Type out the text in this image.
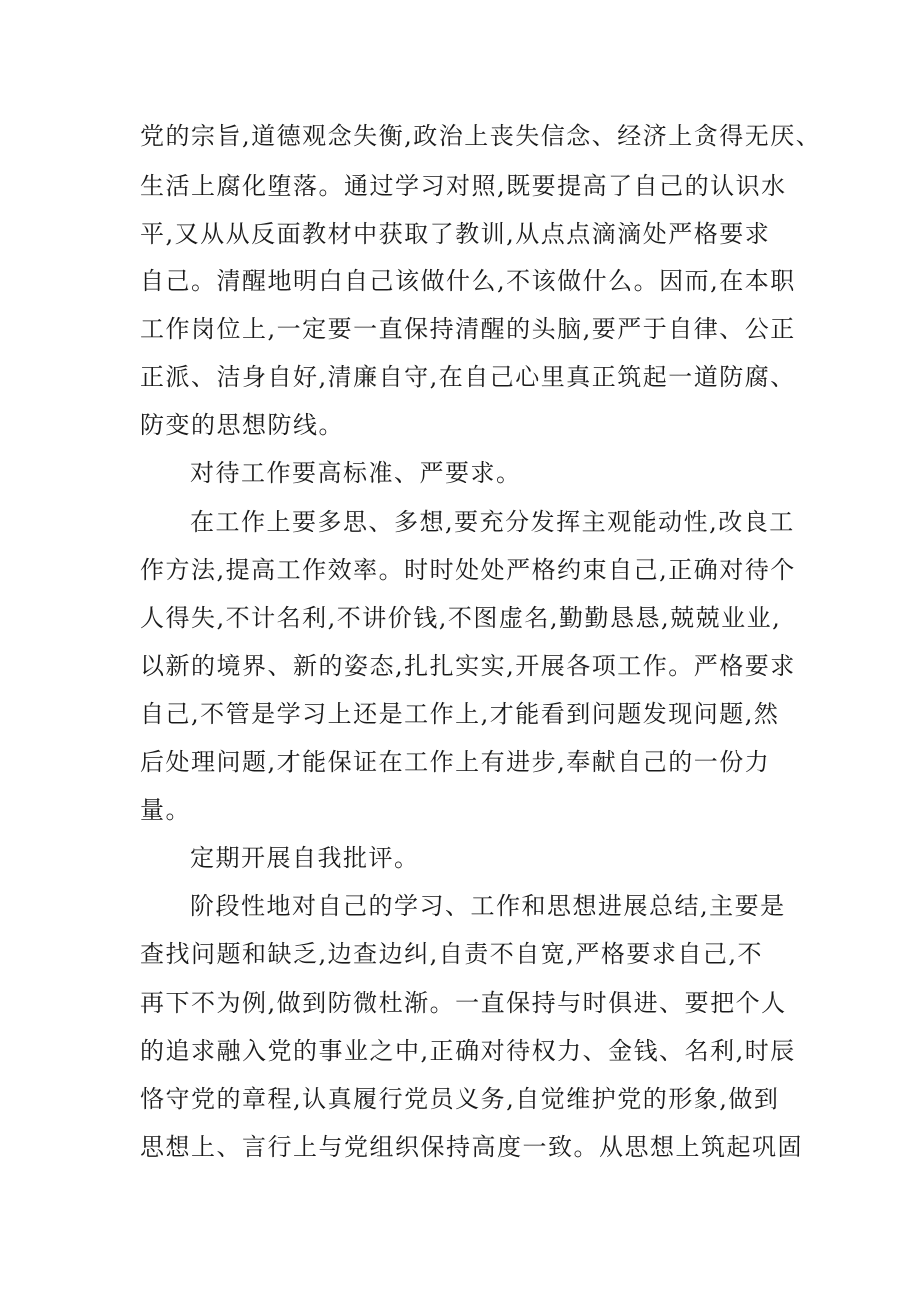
党的宗旨,道德观念失衡,政治上丧失信念、经济上贪得无厌、
生活上腐化堕落。通过学习对照,既要提高了自己的认识水
平,又从从反面教材中获取了教训,从点点滴滴处严格要求
自己。清醒地明白自己该做什么,不该做什么。因而,在本职
工作岗位上,一定要一直保持清醒的头脑,要严于自律、公正
正派、洁身自好,清廉自守,在自己心里真正筑起一道防腐、
防变的思想防线。
对待工作要高标准、严要求。
在工作上要多思、多想,要充分发挥主观能动性,改良工
作方法,提高工作效率。时时处处严格约束自己,正确对待个
人得失,不计名利,不讲价钱,不图虚名,勤勤恳恳,兢兢业业,
以新的境界、新的姿态,扎扎实实,开展各项工作。严格要求
自己,不管是学习上还是工作上,才能看到问题发现问题,然
后处理问题,才能保证在工作上有进步,奉献自己的一份力
量。
定期开展自我批评。
阶段性地对自己的学习、工作和思想进展总结,主要是
查找问题和缺乏,边查边纠,自责不自宽,严格要求自己,不
再下不为例,做到防微杜渐。一直保持与时俱进、要把个人
的追求融入党的事业之中,正确对待权力、金钱、名利,时辰
恪守党的章程,认真履行党员义务,自觉维护党的形象,做到
思想上、言行上与党组织保持高度一致。从思想上筑起巩固
